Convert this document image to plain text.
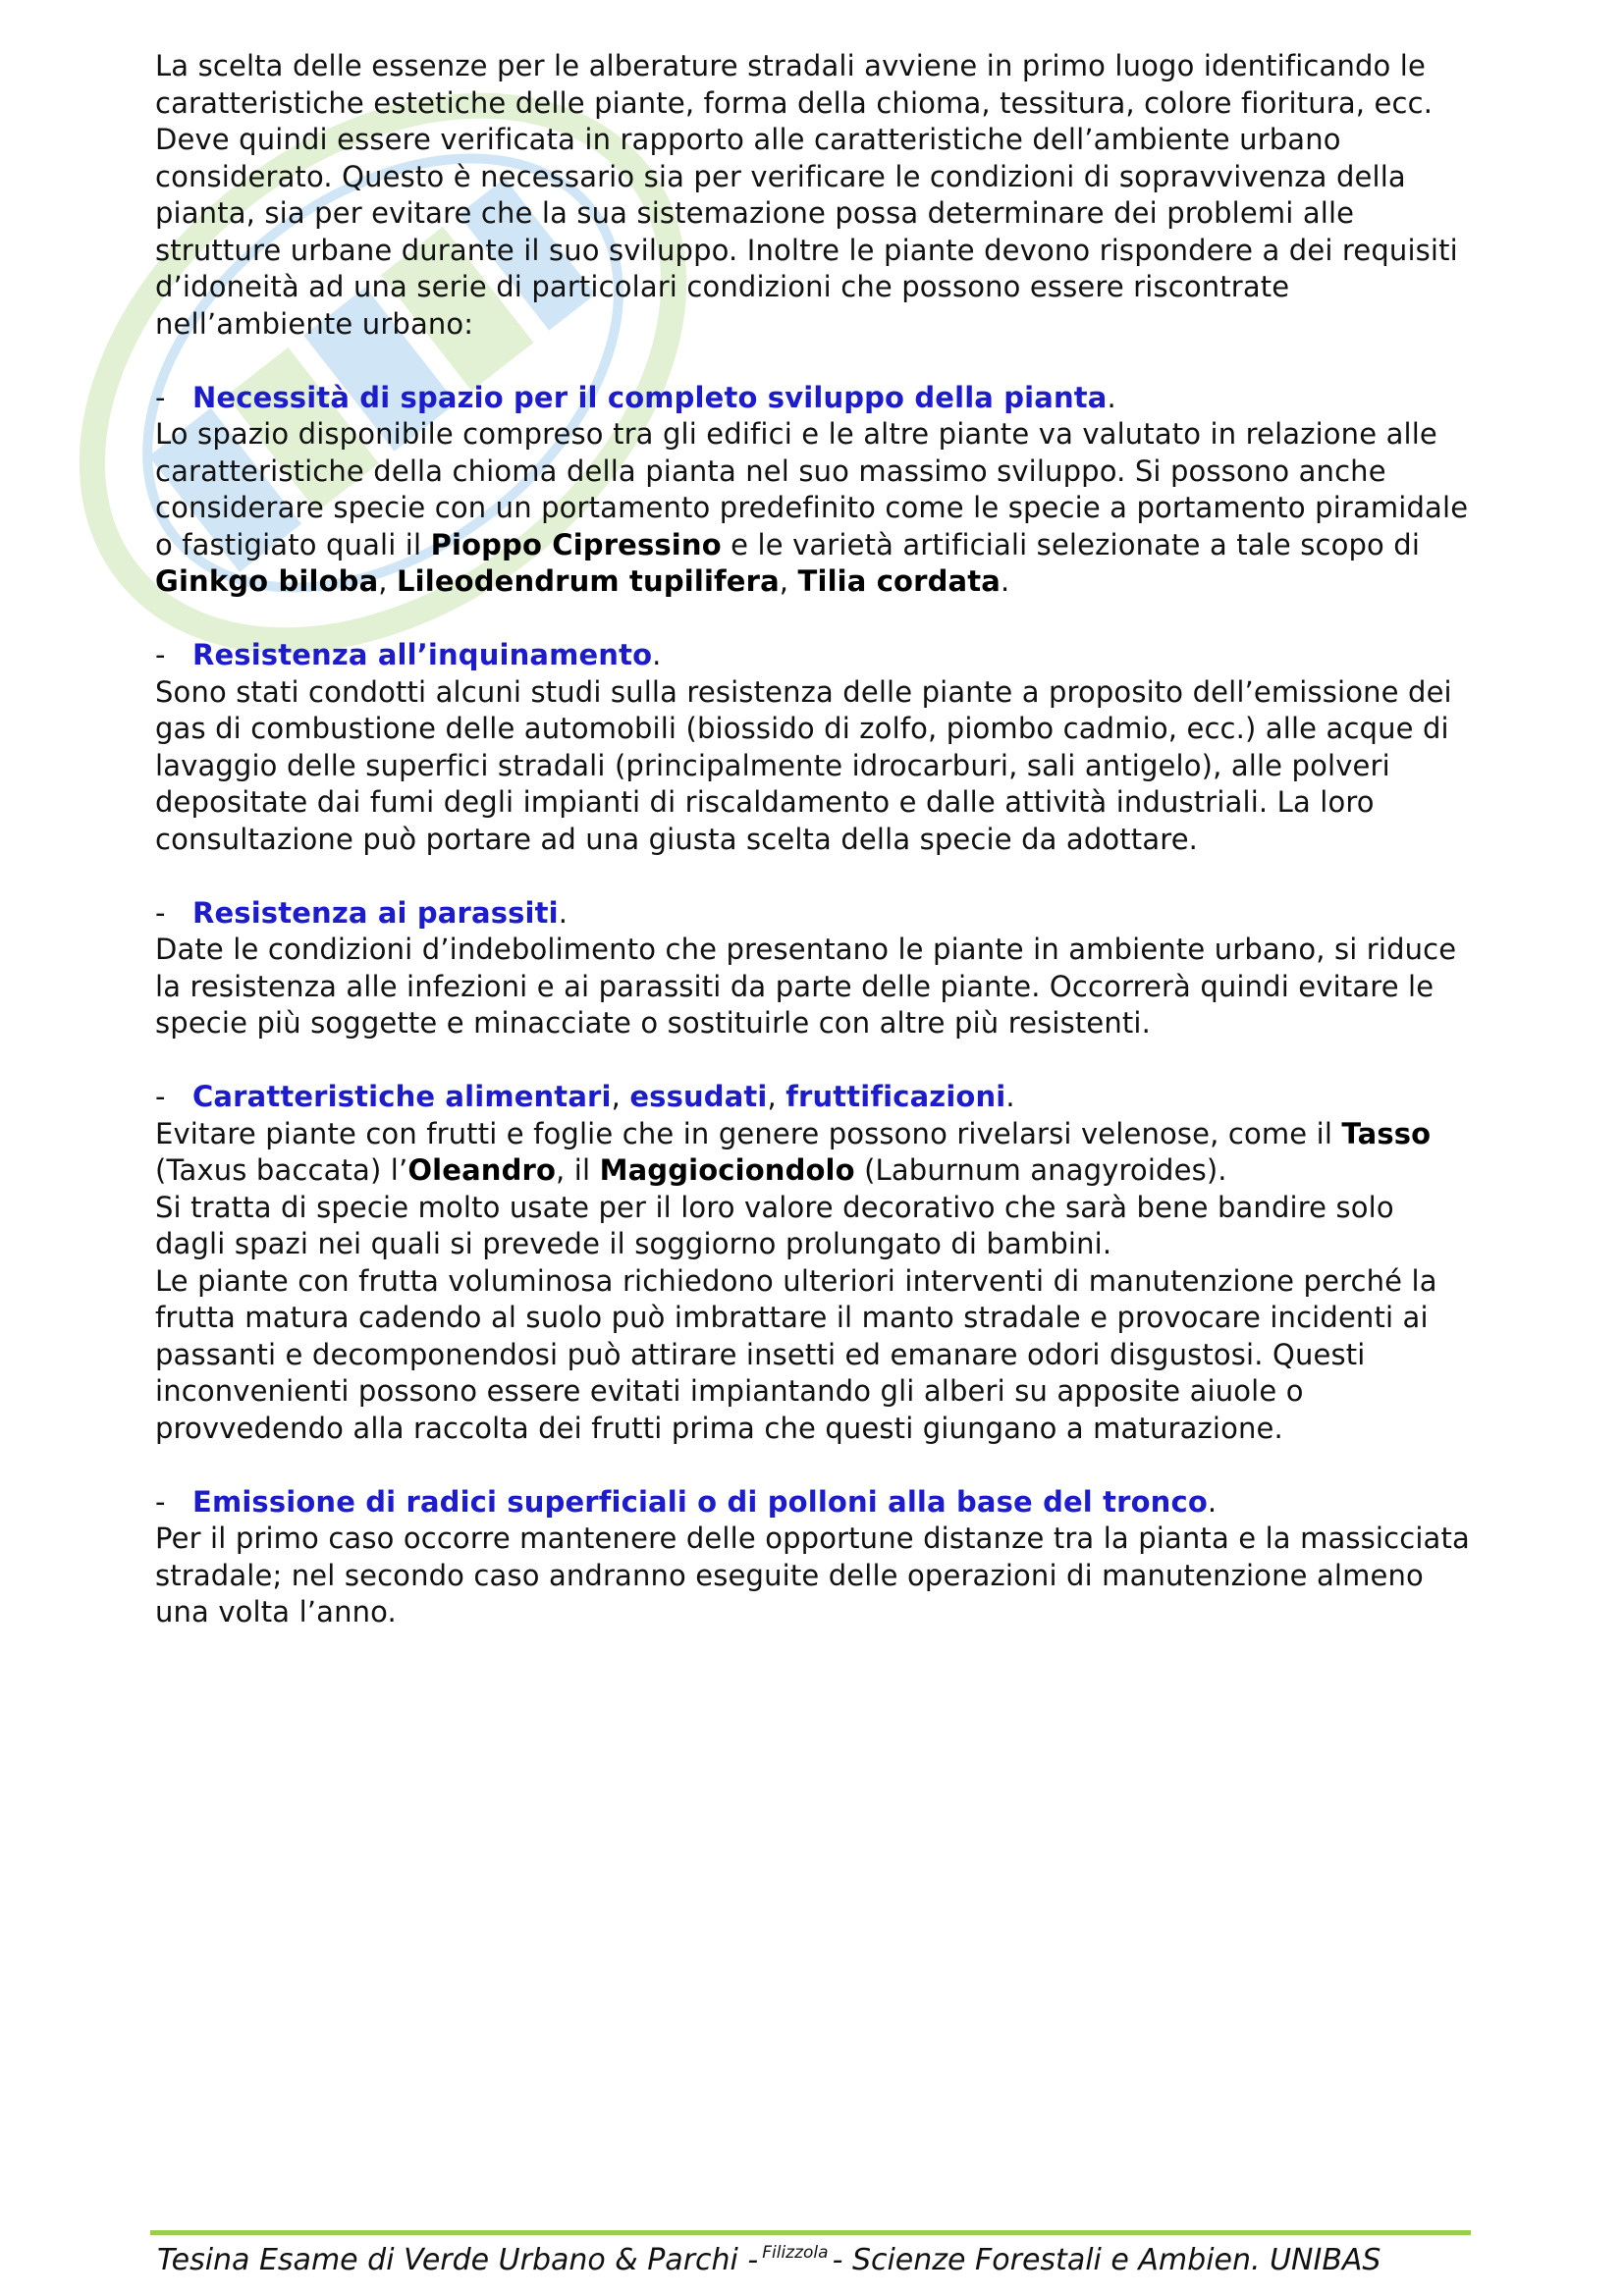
La scelta delle essenze per le alberature stradali avviene in primo luogo identificando le caratteristiche estetiche delle piante, forma della chioma, tessitura, colore fioritura, ecc.

Deve quindi essere verificata in rapporto alle caratteristiche dell’ambiente urbano considerato. Questo è necessario sia per verificare le condizioni di sopravvivenza della pianta, sia per evitare che la sua sistemazione possa determinare dei problemi alle strutture urbane durante il suo sviluppo. Inoltre le piante devono rispondere a dei requisiti d’idoneità ad una serie di particolari condizioni che possono essere riscontrate nell’ambiente urbano:

- Necessità di spazio per il completo sviluppo della pianta.

Lo spazio disponibile compreso tra gli edifici e le altre piante va valutato in relazione alle caratteristiche della chioma della pianta nel suo massimo sviluppo. Si possono anche considerare specie con un portamento predefinito come le specie a portamento piramidale o fastigiato quali il Pioppo Cipressino e le varietà artificiali selezionate a tale scopo di Ginkgo biloba, Lileodendrum tupilifera, Tilia cordata.

- Resistenza all’inquinamento.

Sono stati condotti alcuni studi sulla resistenza delle piante a proposito dell’emissione dei gas di combustione delle automobili (biossido di zolfo, piombo cadmio, ecc.) alle acque di lavaggio delle superfici stradali (principalmente idrocarburi, sali antigelo), alle polveri depositate dai fumi degli impianti di riscaldamento e dalle attività industriali. La loro consultazione può portare ad una giusta scelta della specie da adottare.

- Resistenza ai parassiti.

Date le condizioni d’indebolimento che presentano le piante in ambiente urbano, si riduce la resistenza alle infezioni e ai parassiti da parte delle piante. Occorrerà quindi evitare le specie più soggette e minacciate o sostituirle con altre più resistenti.

- Caratteristiche alimentari, essudati, fruttificazioni.

Evitare piante con frutti e foglie che in genere possono rivelarsi velenose, come il Tasso (Taxus baccata) l’Oleandro, il Maggiociondolo (Laburnum anagyroides).

Si tratta di specie molto usate per il loro valore decorativo che sarà bene bandire solo dagli spazi nei quali si prevede il soggiorno prolungato di bambini.

Le piante con frutta voluminosa richiedono ulteriori interventi di manutenzione perché la frutta matura cadendo al suolo può imbrattare il manto stradale e provocare incidenti ai passanti e decomponendosi può attirare insetti ed emanare odori disgustosi. Questi inconvenienti possono essere evitati impiantando gli alberi su apposite aiuole o provvedendo alla raccolta dei frutti prima che questi giungano a maturazione.

- Emissione di radici superficiali o di polloni alla base del tronco.

Per il primo caso occorre mantenere delle opportune distanze tra la pianta e la massicciata stradale; nel secondo caso andranno eseguite delle operazioni di manutenzione almeno una volta l’anno.

Tesina Esame di Verde Urbano & Parchi - $^{Filizzola}$ - Scienze Forestali e Ambien. UNIBAS
